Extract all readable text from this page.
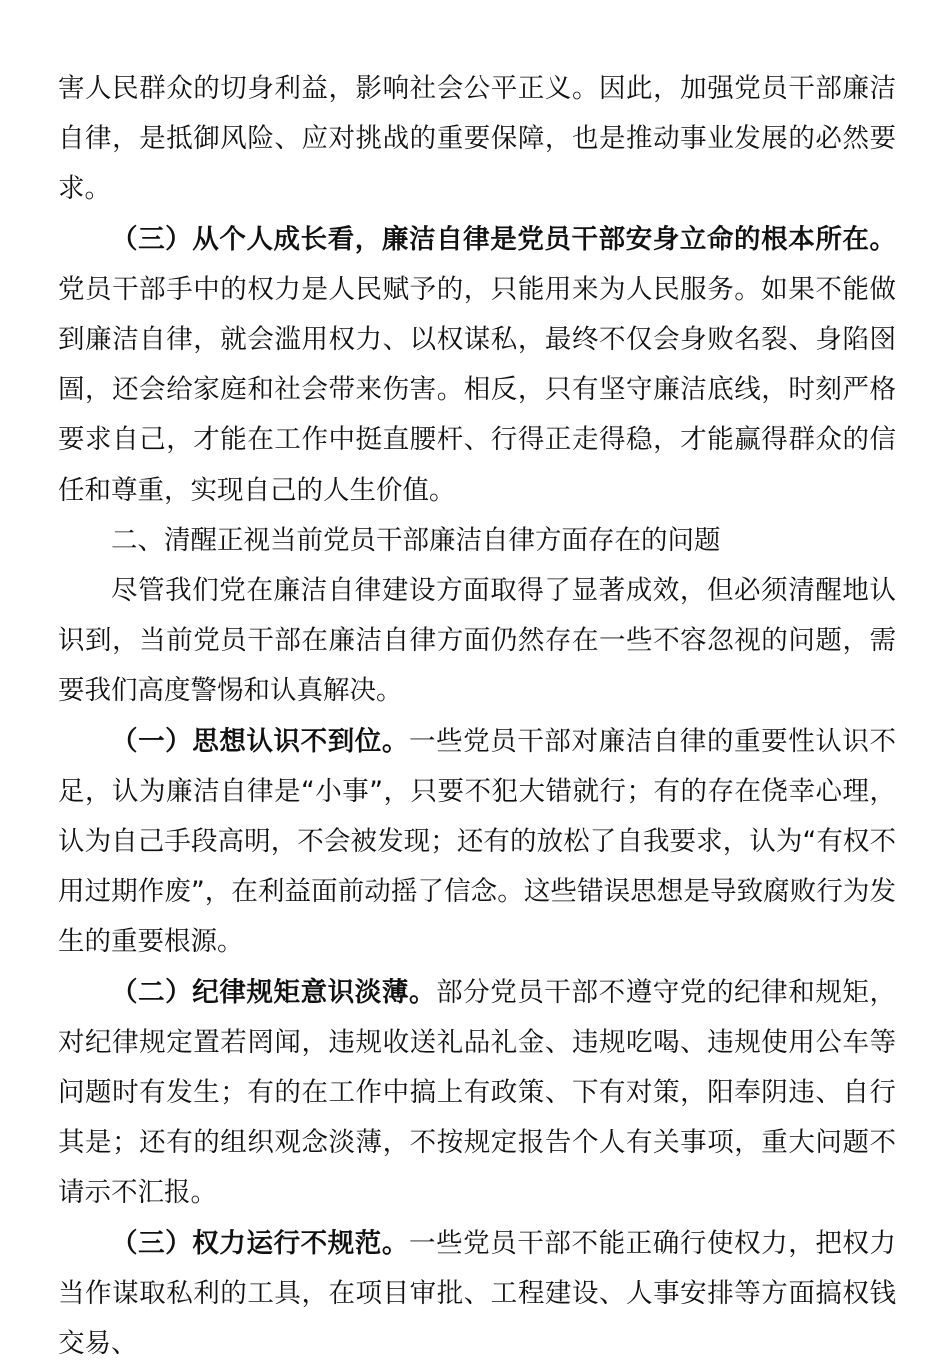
害人民群众的切身利益，影响社会公平正义。因此，加强党员干部廉洁自律，是抵御风险、应对挑战的重要保障，也是推动事业发展的必然要求。

（三）从个人成长看，廉洁自律是党员干部安身立命的根本所在。党员干部手中的权力是人民赋予的，只能用来为人民服务。如果不能做到廉洁自律，就会滥用权力、以权谋私，最终不仅会身败名裂、身陷囹圄，还会给家庭和社会带来伤害。相反，只有坚守廉洁底线，时刻严格要求自己，才能在工作中挺直腰杆、行得正走得稳，才能赢得群众的信任和尊重，实现自己的人生价值。

二、清醒正视当前党员干部廉洁自律方面存在的问题

尽管我们党在廉洁自律建设方面取得了显著成效，但必须清醒地认识到，当前党员干部在廉洁自律方面仍然存在一些不容忽视的问题，需要我们高度警惕和认真解决。

（一）思想认识不到位。一些党员干部对廉洁自律的重要性认识不足，认为廉洁自律是“小事”，只要不犯大错就行；有的存在侥幸心理，认为自己手段高明，不会被发现；还有的放松了自我要求，认为“有权不用过期作废”，在利益面前动摇了信念。这些错误思想是导致腐败行为发生的重要根源。

（二）纪律规矩意识淡薄。部分党员干部不遵守党的纪律和规矩，对纪律规定置若罔闻，违规收送礼品礼金、违规吃喝、违规使用公车等问题时有发生；有的在工作中搞上有政策、下有对策，阳奉阴违、自行其是；还有的组织观念淡薄，不按规定报告个人有关事项，重大问题不请示不汇报。

（三）权力运行不规范。一些党员干部不能正确行使权力，把权力当作谋取私利的工具，在项目审批、工程建设、人事安排等方面搞权钱交易、
